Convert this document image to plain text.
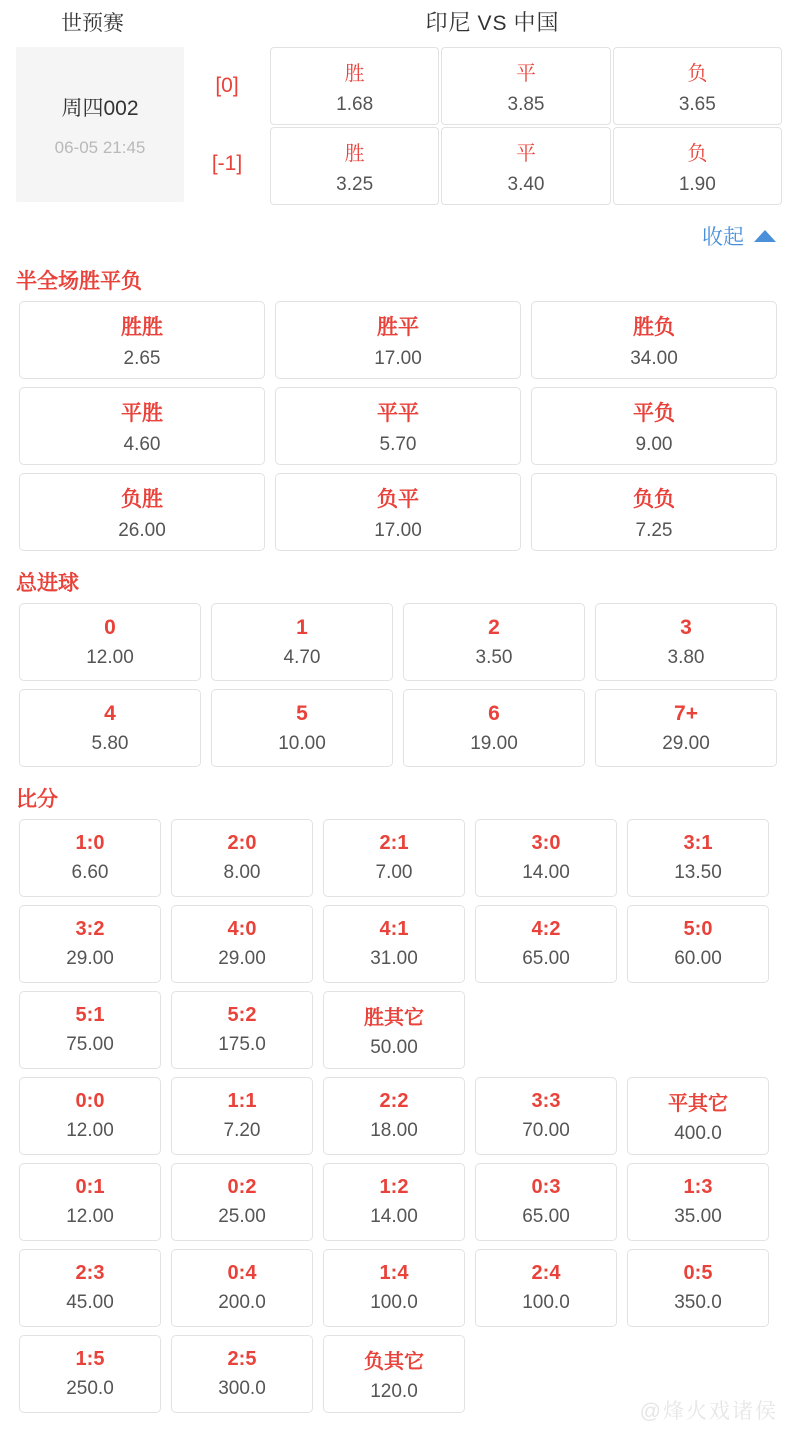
世预赛	印尼 VS 中国
周四002
06-05 21:45
[0]
[-1]
胜
1.68
平
3.85
负
3.65
胜
3.25
平
3.40
负
1.90
收起
半全场胜平负
胜胜
2.65
胜平
17.00
胜负
34.00
平胜
4.60
平平
5.70
平负
9.00
负胜
26.00
负平
17.00
负负
7.25
总进球
0
12.00
1
4.70
2
3.50
3
3.80
4
5.80
5
10.00
6
19.00
7+
29.00
比分
1:0
6.60
2:0
8.00
2:1
7.00
3:0
14.00
3:1
13.50
3:2
29.00
4:0
29.00
4:1
31.00
4:2
65.00
5:0
60.00
5:1
75.00
5:2
175.0
胜其它
50.00
0:0
12.00
1:1
7.20
2:2
18.00
3:3
70.00
平其它
400.0
0:1
12.00
0:2
25.00
1:2
14.00
0:3
65.00
1:3
35.00
2:3
45.00
0:4
200.0
1:4
100.0
2:4
100.0
0:5
350.0
1:5
250.0
2:5
300.0
负其它
120.0
@烽火戏诸侯
